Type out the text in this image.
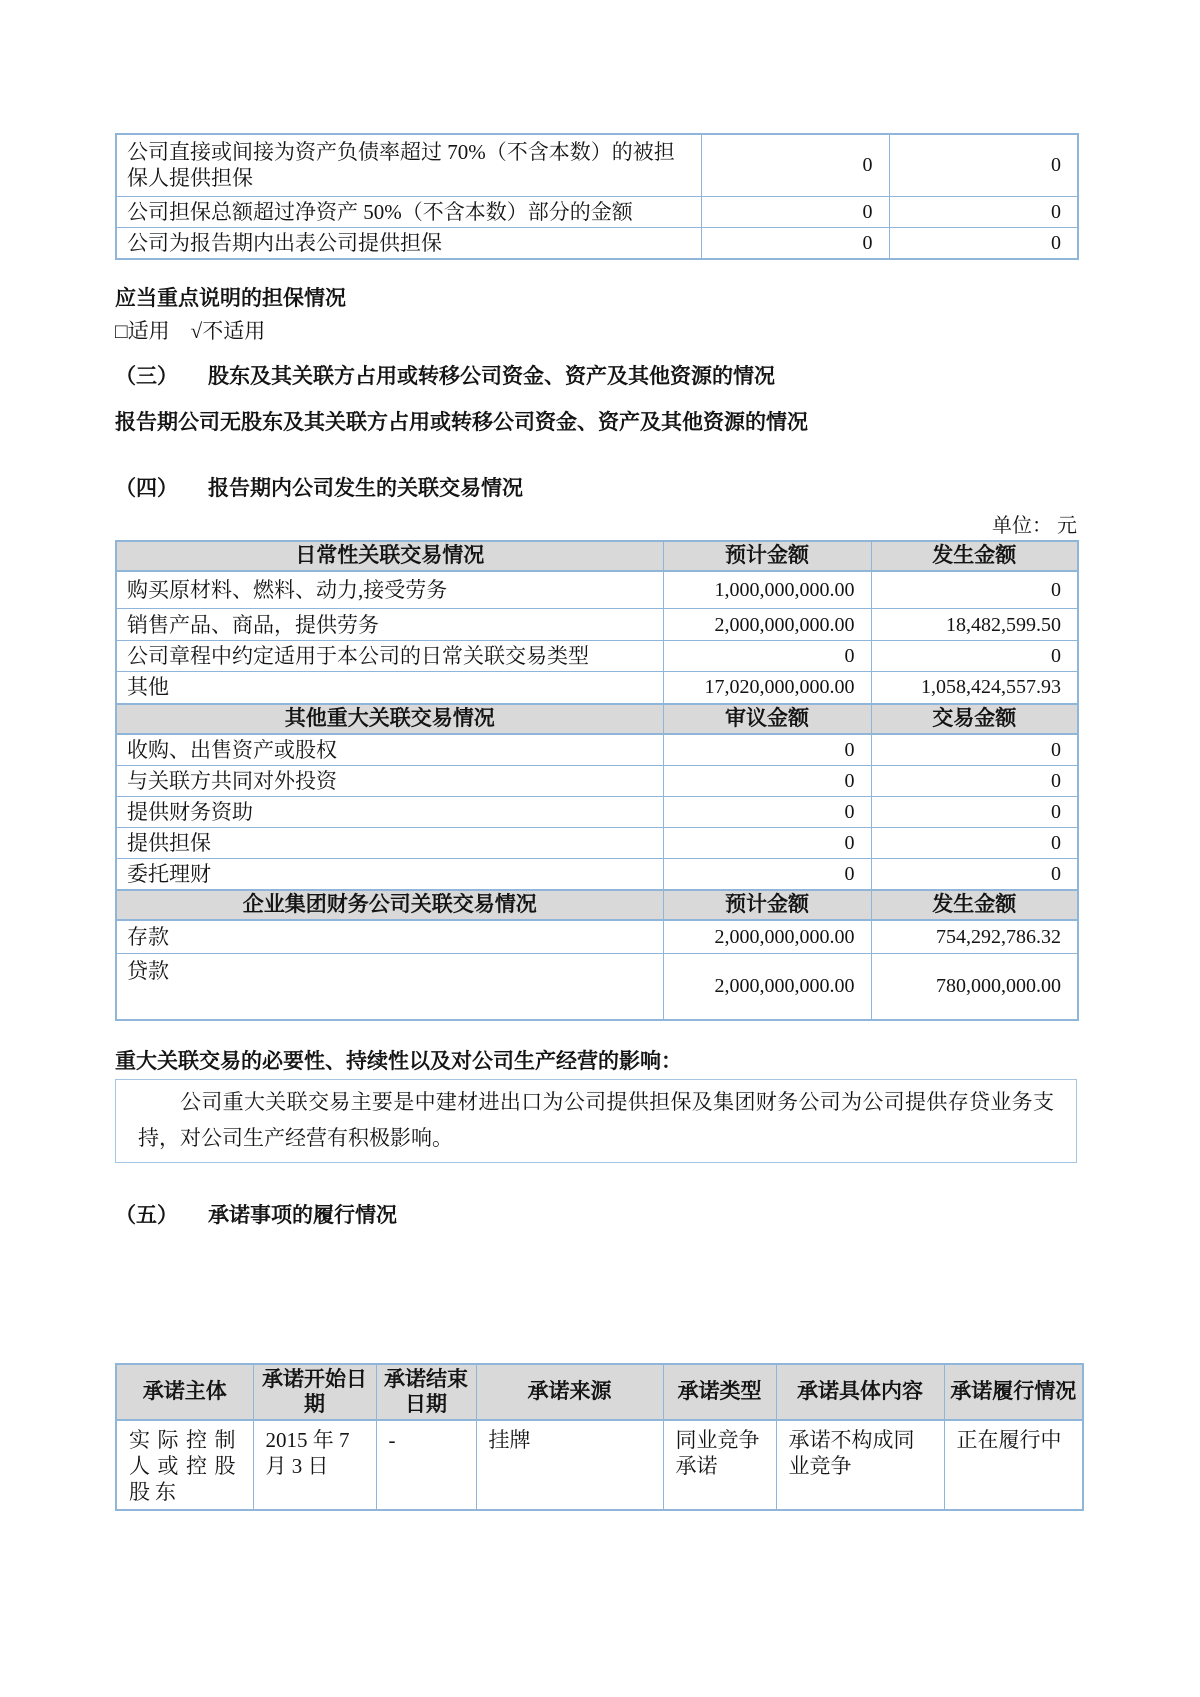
公司直接或间接为资产负债率超过 70%（不含本数）的被担保人提供担保	0	0
公司担保总额超过净资产 50%（不含本数）部分的金额	0	0
公司为报告期内出表公司提供担保	0	0
应当重点说明的担保情况
□适用　√不适用
（三） 股东及其关联方占用或转移公司资金、资产及其他资源的情况
报告期公司无股东及其关联方占用或转移公司资金、资产及其他资源的情况
（四） 报告期内公司发生的关联交易情况
单位： 元
日常性关联交易情况	预计金额	发生金额
购买原材料、燃料、动力,接受劳务	1,000,000,000.00	0
销售产品、商品，提供劳务	2,000,000,000.00	18,482,599.50
公司章程中约定适用于本公司的日常关联交易类型	0	0
其他	17,020,000,000.00	1,058,424,557.93
其他重大关联交易情况	审议金额	交易金额
收购、出售资产或股权	0	0
与关联方共同对外投资	0	0
提供财务资助	0	0
提供担保	0	0
委托理财	0	0
企业集团财务公司关联交易情况	预计金额	发生金额
存款	2,000,000,000.00	754,292,786.32
贷款	2,000,000,000.00	780,000,000.00
重大关联交易的必要性、持续性以及对公司生产经营的影响：

公司重大关联交易主要是中建材进出口为公司提供担保及集团财务公司为公司提供存贷业务支持，对公司生产经营有积极影响。

（五） 承诺事项的履行情况
承诺主体	承诺开始日期	承诺结束日期	承诺来源	承诺类型	承诺具体内容	承诺履行情况
实际控制人或控股股东	2015 年 7 月 3 日	-	挂牌	同业竞争承诺	承诺不构成同业竞争	正在履行中
